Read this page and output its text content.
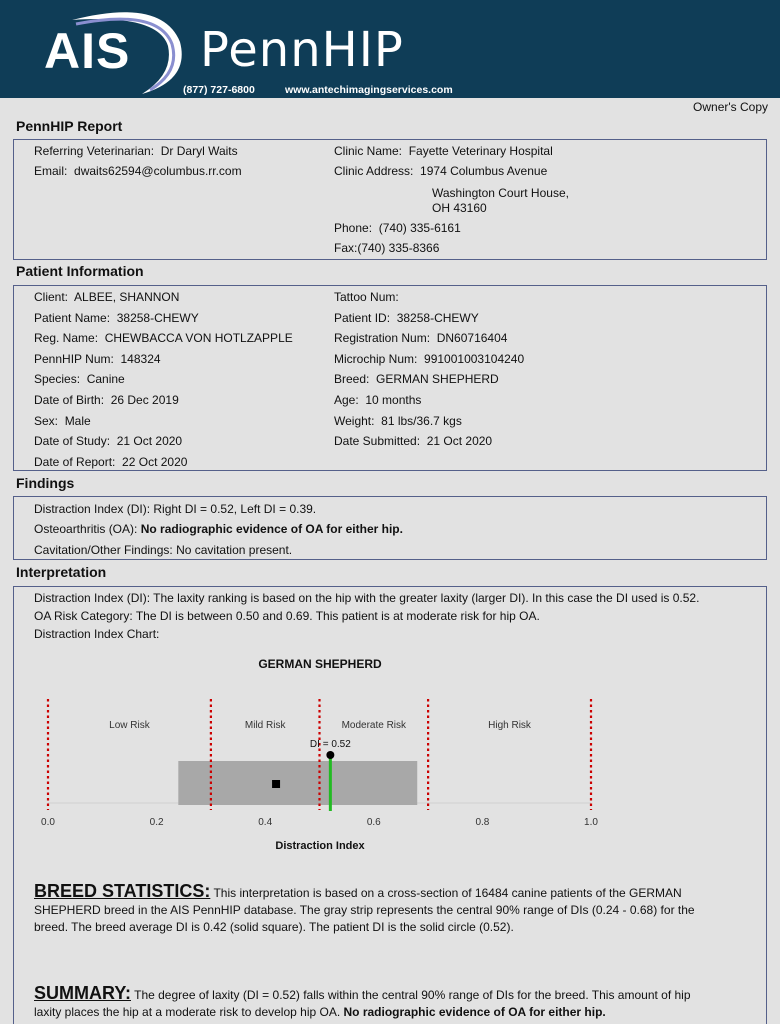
AIS PennHIP
(877) 727-6800	www.antechimagingservices.com
Owner's Copy
PennHIP Report
Referring Veterinarian: Dr Daryl Waits
Email: dwaits62594@columbus.rr.com
Clinic Name: Fayette Veterinary Hospital
Clinic Address: 1974 Columbus Avenue
Washington Court House,
OH 43160
Phone: (740) 335-6161
Fax:(740) 335-8366
Patient Information
Client: ALBEE, SHANNON
Patient Name: 38258-CHEWY
Reg. Name: CHEWBACCA VON HOTLZAPPLE
PennHIP Num: 148324
Species: Canine
Date of Birth: 26 Dec 2019
Sex: Male
Date of Study: 21 Oct 2020
Date of Report: 22 Oct 2020
Tattoo Num:
Patient ID: 38258-CHEWY
Registration Num: DN60716404
Microchip Num: 991001003104240
Breed: GERMAN SHEPHERD
Age: 10 months
Weight: 81 lbs/36.7 kgs
Date Submitted: 21 Oct 2020
Findings
Distraction Index (DI): Right DI = 0.52, Left DI = 0.39.
Osteoarthritis (OA): No radiographic evidence of OA for either hip.
Cavitation/Other Findings: No cavitation present.
Interpretation
Distraction Index (DI): The laxity ranking is based on the hip with the greater laxity (larger DI). In this case the DI used is 0.52.
OA Risk Category: The DI is between 0.50 and 0.69. This patient is at moderate risk for hip OA.
Distraction Index Chart:
GERMAN SHEPHERD
Low Risk	Mild Risk	Moderate Risk	High Risk
0.0	0.2	0.4	0.6	0.8	1.0
Distraction Index
DI = 0.52
BREED STATISTICS: This interpretation is based on a cross-section of 16484 canine patients of the GERMAN
SHEPHERD breed in the AIS PennHIP database. The gray strip represents the central 90% range of DIs (0.24 - 0.68) for the
breed. The breed average DI is 0.42 (solid square). The patient DI is the solid circle (0.52).
SUMMARY: The degree of laxity (DI = 0.52) falls within the central 90% range of DIs for the breed. This amount of hip
laxity places the hip at a moderate risk to develop hip OA. No radiographic evidence of OA for either hip.
